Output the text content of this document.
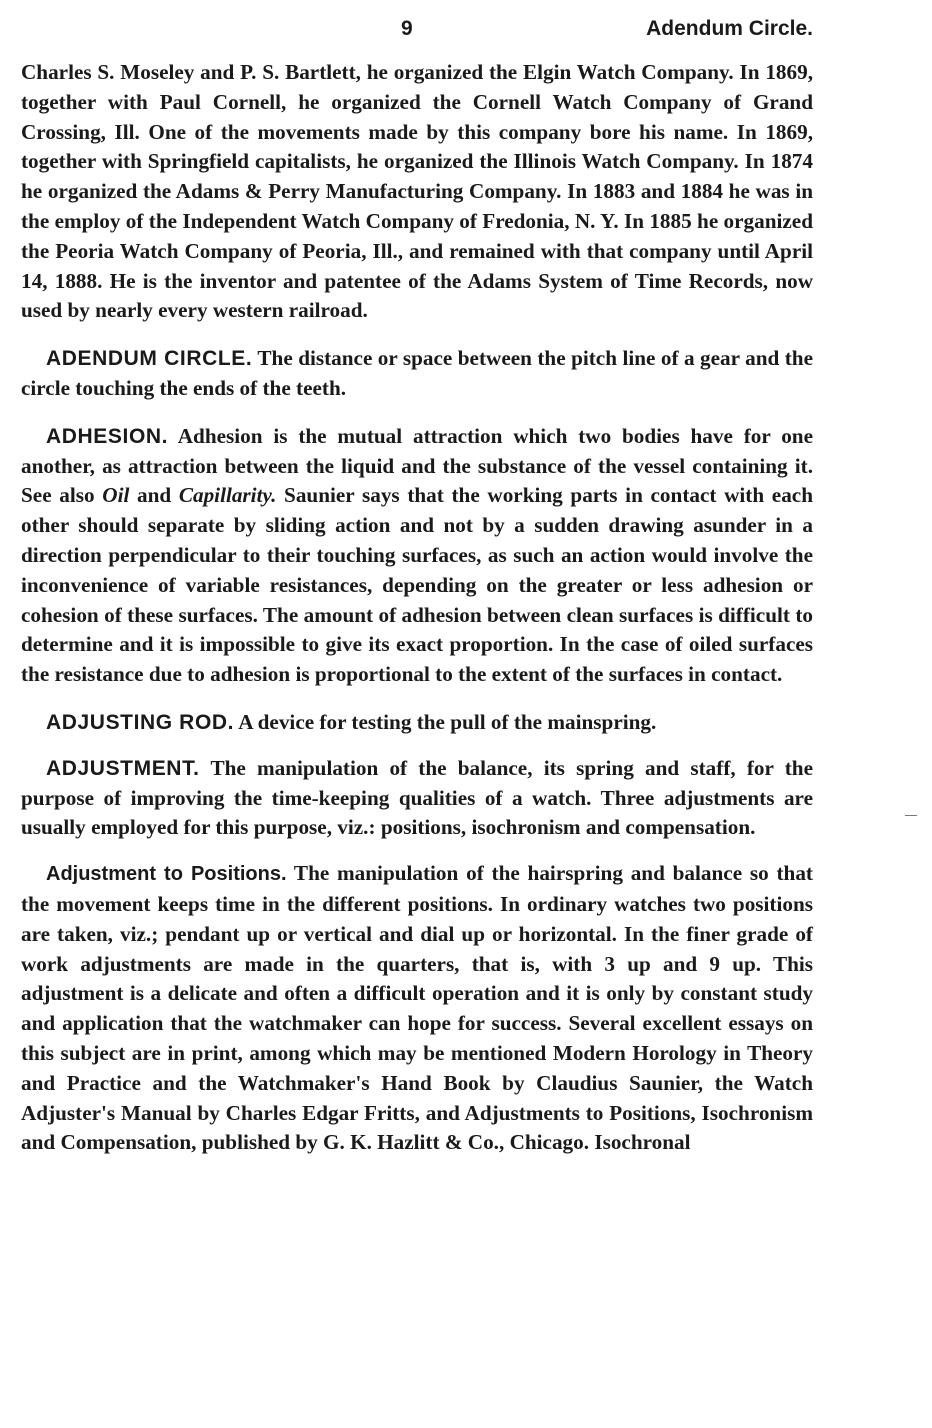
9	Adendum Circle.

Charles S. Moseley and P. S. Bartlett, he organized the Elgin Watch Company. In 1869, together with Paul Cornell, he organized the Cornell Watch Company of Grand Crossing, Ill. One of the movements made by this company bore his name. In 1869, together with Springfield capitalists, he organized the Illinois Watch Company. In 1874 he organized the Adams & Perry Manufacturing Company. In 1883 and 1884 he was in the employ of the Independent Watch Company of Fredonia, N. Y. In 1885 he organized the Peoria Watch Company of Peoria, Ill., and remained with that company until April 14, 1888. He is the inventor and patentee of the Adams System of Time Records, now used by nearly every western railroad.

ADENDUM CIRCLE. The distance or space between the pitch line of a gear and the circle touching the ends of the teeth.

ADHESION. Adhesion is the mutual attraction which two bodies have for one another, as attraction between the liquid and the substance of the vessel containing it. See also Oil and Capillarity. Saunier says that the working parts in contact with each other should separate by sliding action and not by a sudden drawing asunder in a direction perpendicular to their touching surfaces, as such an action would involve the inconvenience of variable resistances, depending on the greater or less adhesion or cohesion of these surfaces. The amount of adhesion between clean surfaces is difficult to determine and it is impossible to give its exact proportion. In the case of oiled surfaces the resistance due to adhesion is proportional to the extent of the surfaces in contact.

ADJUSTING ROD. A device for testing the pull of the mainspring.

ADJUSTMENT. The manipulation of the balance, its spring and staff, for the purpose of improving the time-keeping qualities of a watch. Three adjustments are usually employed for this purpose, viz.: positions, isochronism and compensation.

Adjustment to Positions. The manipulation of the hairspring and balance so that the movement keeps time in the different positions. In ordinary watches two positions are taken, viz.; pendant up or vertical and dial up or horizontal. In the finer grade of work adjustments are made in the quarters, that is, with 3 up and 9 up. This adjustment is a delicate and often a difficult operation and it is only by constant study and application that the watchmaker can hope for success. Several excellent essays on this subject are in print, among which may be mentioned Modern Horology in Theory and Practice and the Watchmaker's Hand Book by Claudius Saunier, the Watch Adjuster's Manual by Charles Edgar Fritts, and Adjustments to Positions, Isochronism and Compensation, published by G. K. Hazlitt & Co., Chicago. Isochronal
